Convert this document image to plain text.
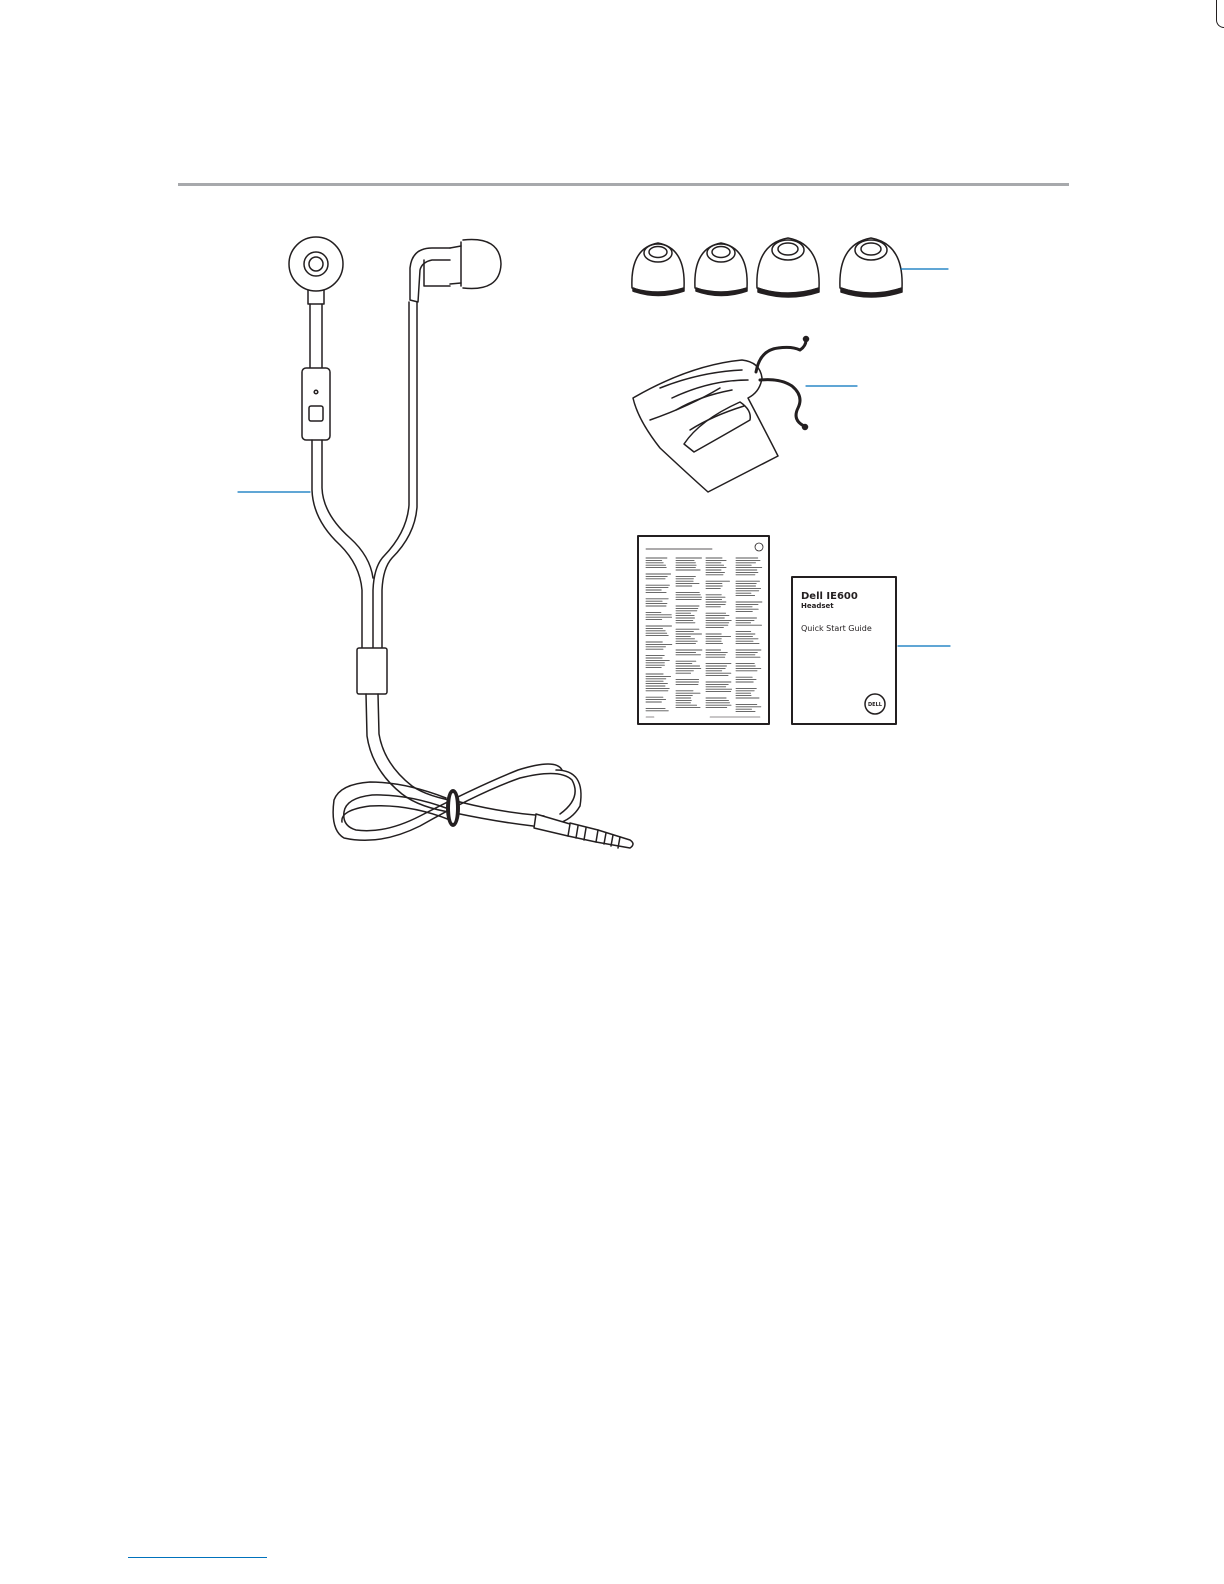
Dell IE600
Headset
Quick Start Guide
DELL
